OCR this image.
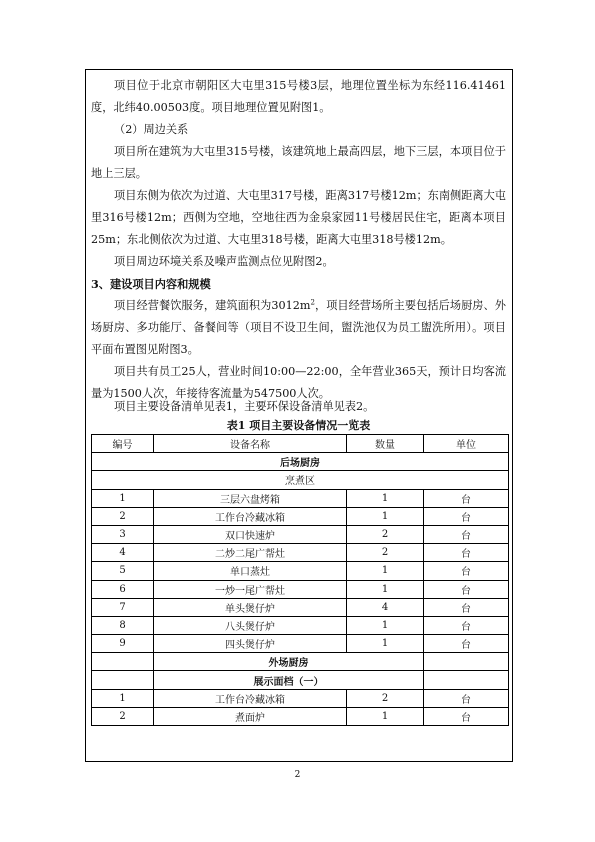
项目位于北京市朝阳区大屯里315号楼3层，地理位置坐标为东经116.41461度，北纬40.00503度。项目地理位置见附图1。
（2）周边关系
项目所在建筑为大屯里315号楼，该建筑地上最高四层，地下三层，本项目位于地上三层。
项目东侧为依次为过道、大屯里317号楼，距离317号楼12m；东南侧距离大屯里316号楼12m；西侧为空地，空地往西为金泉家园11号楼居民住宅，距离本项目25m；东北侧依次为过道、大屯里318号楼，距离大屯里318号楼12m。
项目周边环境关系及噪声监测点位见附图2。
3、建设项目内容和规模
项目经营餐饮服务，建筑面积为$3012m^2$，项目经营场所主要包括后场厨房、外场厨房、多功能厅、备餐间等（项目不设卫生间，盥洗池仅为员工盥洗所用）。项目平面布置图见附图3。
项目共有员工25人，营业时间10:00—22:00，全年营业365天，预计日均客流量为1500人次，年接待客流量为547500人次。
项目主要设备清单见表1，主要环保设备清单见表2。
表1 项目主要设备情况一览表
编号	设备名称	数量	单位
后场厨房			
烹煮区			
1	三层六盘烤箱	1	台
2	工作台冷藏冰箱	1	台
3	双口快速炉	2	台
4	二炒二尾广帮灶	2	台
5	单口蒸灶	1	台
6	一炒一尾广帮灶	1	台
7	单头煲仔炉	4	台
8	八头煲仔炉	1	台
9	四头煲仔炉	1	台
	外场厨房		
	展示面档（一）		
1	工作台冷藏冰箱	2	台
2	煮面炉	1	台
2
